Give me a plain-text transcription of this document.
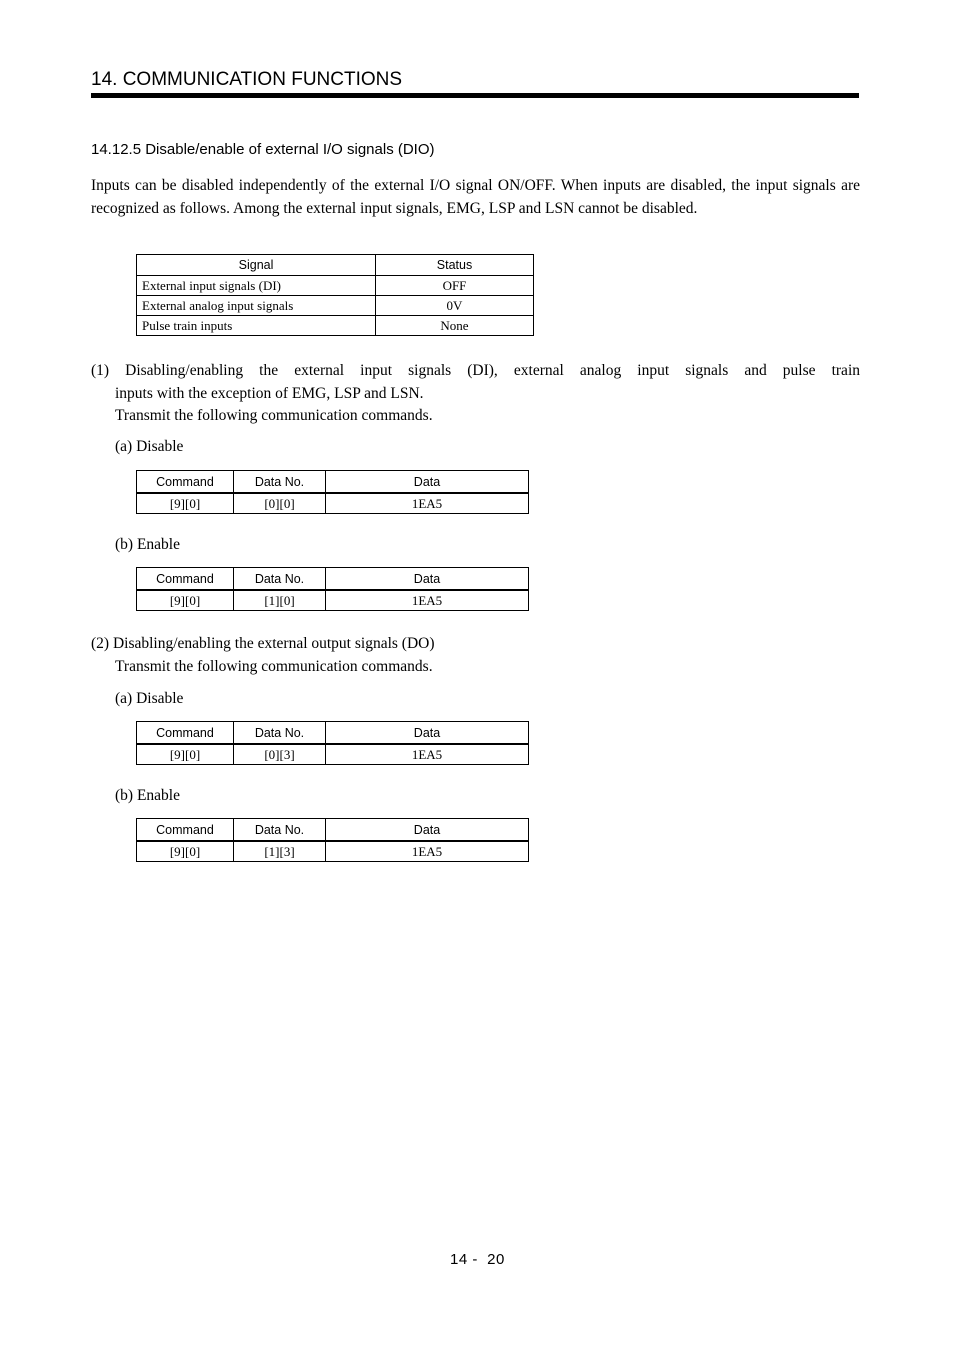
14. COMMUNICATION FUNCTIONS
14.12.5 Disable/enable of external I/O signals (DIO)
Inputs can be disabled independently of the external I/O signal ON/OFF. When inputs are disabled, the input signals are recognized as follows. Among the external input signals, EMG, LSP and LSN cannot be disabled.
Signal	Status
External input signals (DI)	OFF
External analog input signals	0V
Pulse train inputs	None
(1) Disabling/enabling the external input signals (DI), external analog input signals and pulse train
inputs with the exception of EMG, LSP and LSN.
Transmit the following communication commands.
(a) Disable
Command	Data No.	Data
[9][0]	[0][0]	1EA5
(b) Enable
Command	Data No.	Data
[9][0]	[1][0]	1EA5
(2) Disabling/enabling the external output signals (DO)
Transmit the following communication commands.
(a) Disable
Command	Data No.	Data
[9][0]	[0][3]	1EA5
(b) Enable
Command	Data No.	Data
[9][0]	[1][3]	1EA5
14 -  20
